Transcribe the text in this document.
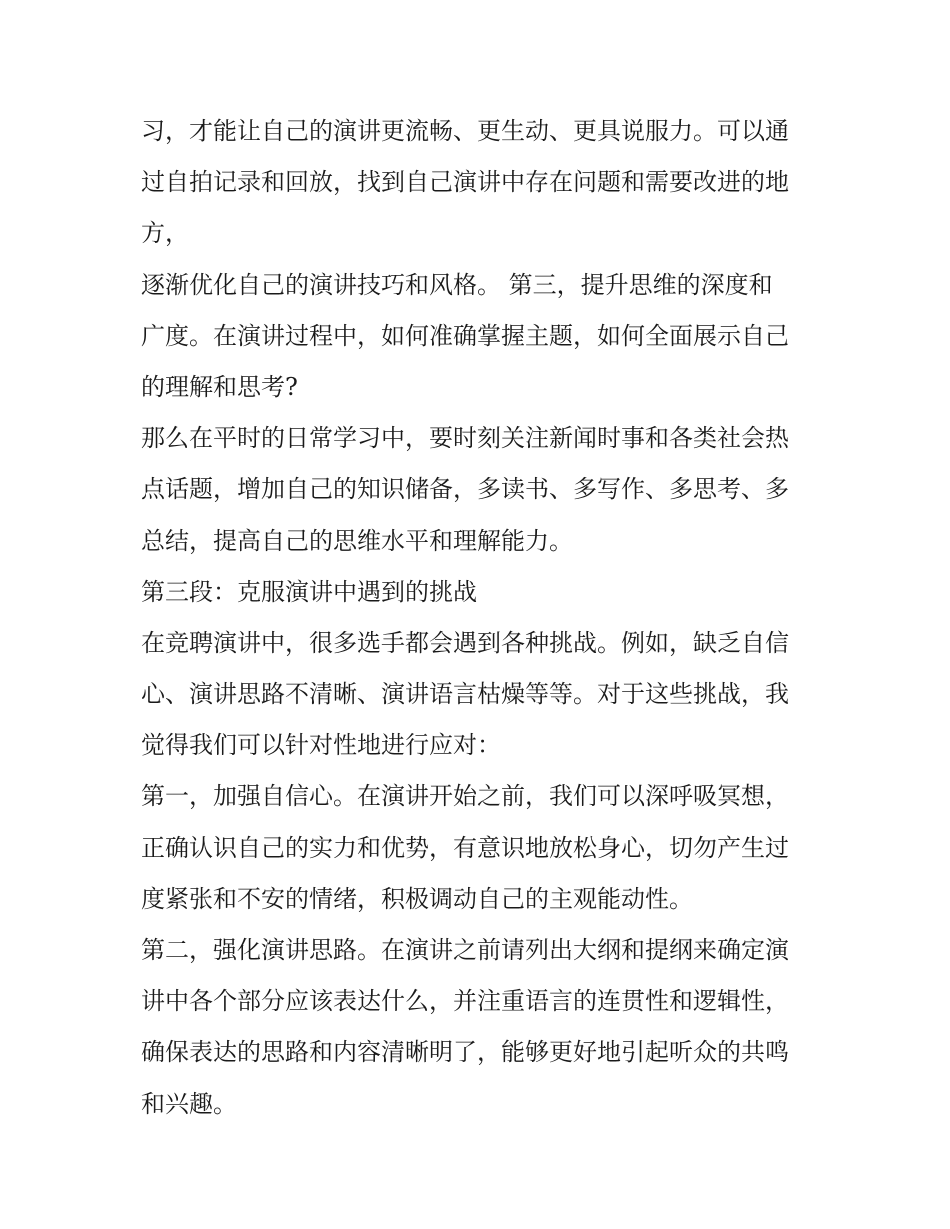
习，才能让自己的演讲更流畅、更生动、更具说服力。可以通
过自拍记录和回放，找到自己演讲中存在问题和需要改进的地
方，
逐渐优化自己的演讲技巧和风格。 第三，提升思维的深度和
广度。在演讲过程中，如何准确掌握主题，如何全面展示自己
的理解和思考?
那么在平时的日常学习中，要时刻关注新闻时事和各类社会热
点话题，增加自己的知识储备，多读书、多写作、多思考、多
总结，提高自己的思维水平和理解能力。
第三段：克服演讲中遇到的挑战
在竞聘演讲中，很多选手都会遇到各种挑战。例如，缺乏自信
心、演讲思路不清晰、演讲语言枯燥等等。对于这些挑战，我
觉得我们可以针对性地进行应对：
第一，加强自信心。在演讲开始之前，我们可以深呼吸冥想，
正确认识自己的实力和优势，有意识地放松身心，切勿产生过
度紧张和不安的情绪，积极调动自己的主观能动性。
第二，强化演讲思路。在演讲之前请列出大纲和提纲来确定演
讲中各个部分应该表达什么，并注重语言的连贯性和逻辑性，
确保表达的思路和内容清晰明了，能够更好地引起听众的共鸣
和兴趣。
